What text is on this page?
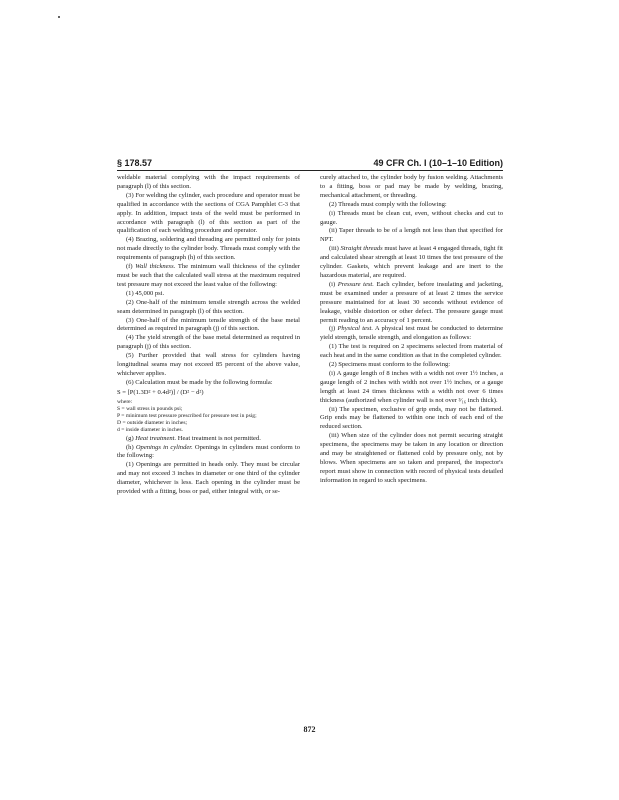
§ 178.57	49 CFR Ch. I (10–1–10 Edition)

weldable material complying with the impact requirements of paragraph (l) of this section.

(3) For welding the cylinder, each procedure and operator must be qualified in accordance with the sections of CGA Pamphlet C-3 that apply. In addition, impact tests of the weld must be performed in accordance with paragraph (l) of this section as part of the qualification of each welding procedure and operator.

(4) Brazing, soldering and threading are permitted only for joints not made directly to the cylinder body. Threads must comply with the requirements of paragraph (h) of this section.

(f) Wall thickness. The minimum wall thickness of the cylinder must be such that the calculated wall stress at the maximum required test pressure may not exceed the least value of the following:

(1) 45,000 psi.

(2) One-half of the minimum tensile strength across the welded seam determined in paragraph (l) of this section.

(3) One-half of the minimum tensile strength of the base metal determined as required in paragraph (j) of this section.

(4) The yield strength of the base metal determined as required in paragraph (j) of this section.

(5) Further provided that wall stress for cylinders having longitudinal seams may not exceed 85 percent of the above value, whichever applies.

(6) Calculation must be made by the following formula:

S = [P(1.3D² + 0.4d²)] / (D² − d²)

where:

S = wall stress in pounds psi;

P = minimum test pressure prescribed for pressure test in psig;

D = outside diameter in inches;

d = inside diameter in inches.

(g) Heat treatment. Heat treatment is not permitted.

(h) Openings in cylinder. Openings in cylinders must conform to the following:

(1) Openings are permitted in heads only. They must be circular and may not exceed 3 inches in diameter or one third of the cylinder diameter, whichever is less. Each opening in the cylinder must be provided with a fitting, boss or pad, either integral with, or se-

curely attached to, the cylinder body by fusion welding. Attachments to a fitting, boss or pad may be made by welding, brazing, mechanical attachment, or threading.

(2) Threads must comply with the following:

(i) Threads must be clean cut, even, without checks and cut to gauge.

(ii) Taper threads to be of a length not less than that specified for NPT.

(iii) Straight threads must have at least 4 engaged threads, tight fit and calculated shear strength at least 10 times the test pressure of the cylinder. Gaskets, which prevent leakage and are inert to the hazardous material, are required.

(i) Pressure test. Each cylinder, before insulating and jacketing, must be examined under a pressure of at least 2 times the service pressure maintained for at least 30 seconds without evidence of leakage, visible distortion or other defect. The pressure gauge must permit reading to an accuracy of 1 percent.

(j) Physical test. A physical test must be conducted to determine yield strength, tensile strength, and elongation as follows:

(1) The test is required on 2 specimens selected from material of each heat and in the same condition as that in the completed cylinder.

(2) Specimens must conform to the following:

(i) A gauge length of 8 inches with a width not over 1½ inches, a gauge length of 2 inches with width not over 1½ inches, or a gauge length at least 24 times thickness with a width not over 6 times thickness (authorized when cylinder wall is not over ³⁄₁₆ inch thick).

(ii) The specimen, exclusive of grip ends, may not be flattened. Grip ends may be flattened to within one inch of each end of the reduced section.

(iii) When size of the cylinder does not permit securing straight specimens, the specimens may be taken in any location or direction and may be straightened or flattened cold by pressure only, not by blows. When specimens are so taken and prepared, the inspector's report must show in connection with record of physical tests detailed information in regard to such specimens.

872
